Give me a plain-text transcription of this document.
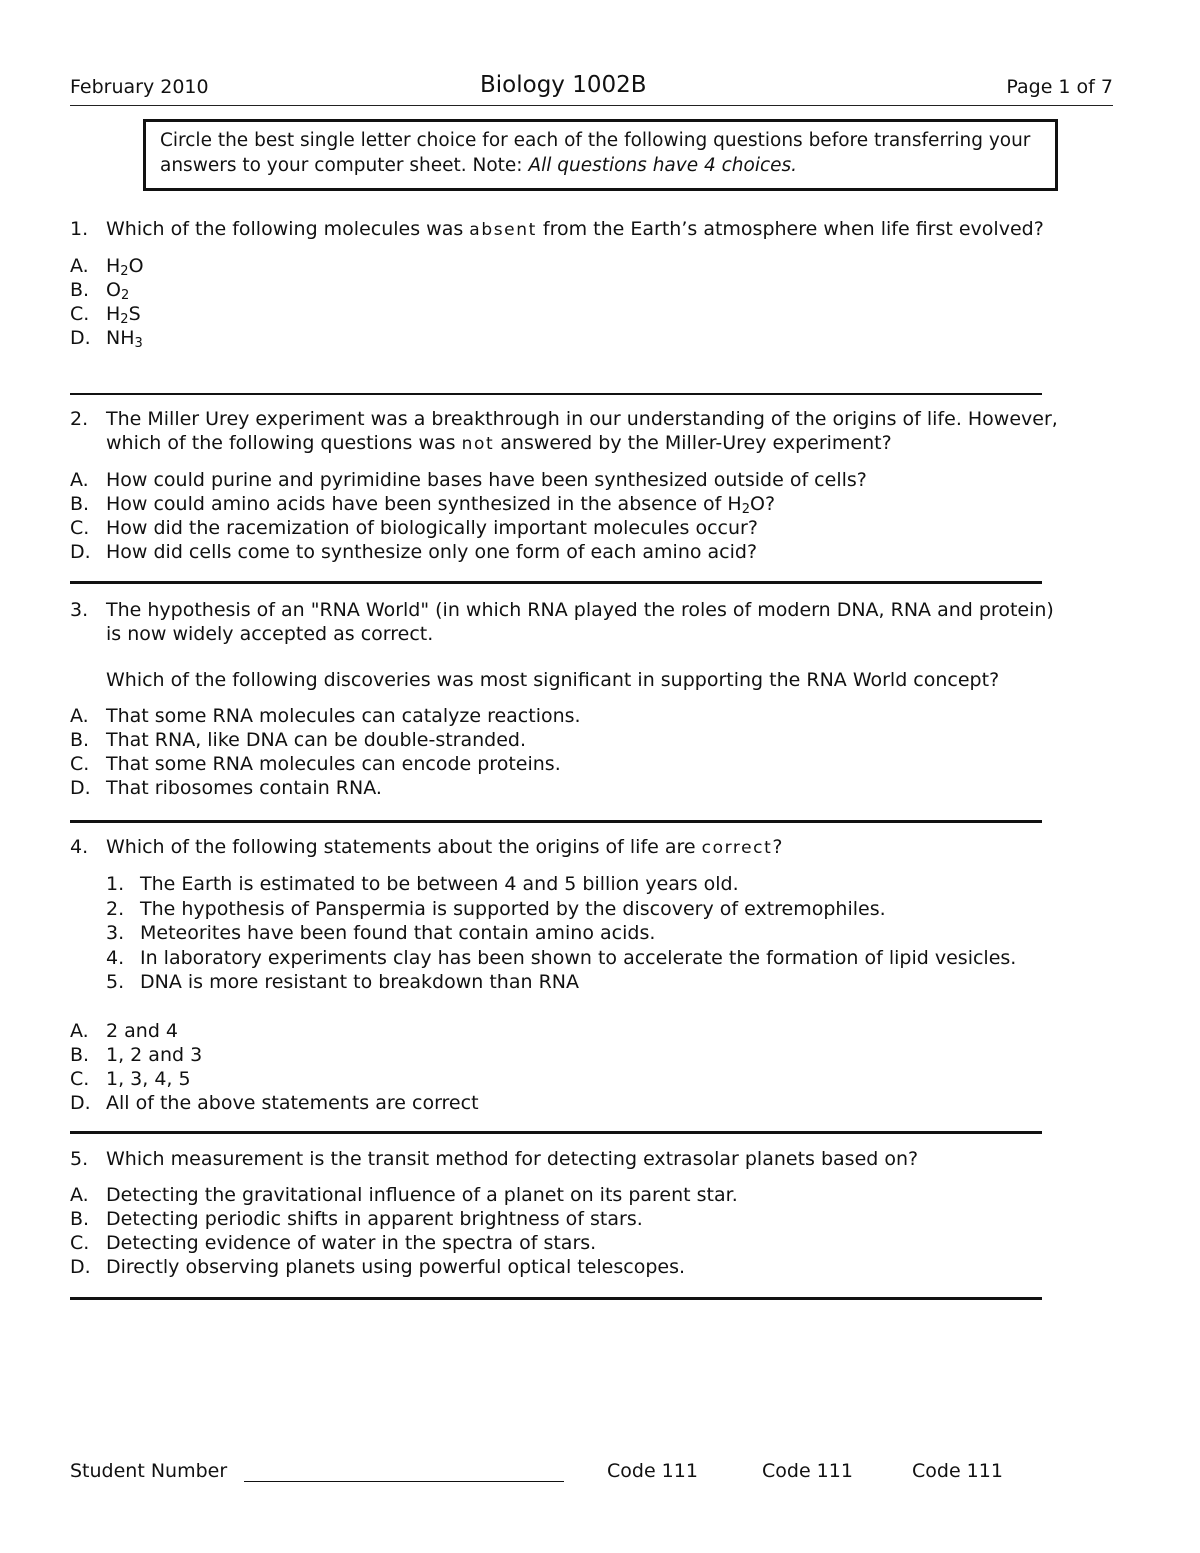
February 2010	Biology 1002B	Page 1 of 7
Circle the best single letter choice for each of the following questions before transferring your answers to your computer sheet. Note: All questions have 4 choices.
1. Which of the following molecules was absent from the Earth’s atmosphere when life first evolved?
A. $H_2O$
B. $O_2$
C. $H_2S$
D. $NH_3$
2. The Miller Urey experiment was a breakthrough in our understanding of the origins of life. However, which of the following questions was not answered by the Miller-Urey experiment?
A. How could purine and pyrimidine bases have been synthesized outside of cells?
B. How could amino acids have been synthesized in the absence of $H_2O$?
C. How did the racemization of biologically important molecules occur?
D. How did cells come to synthesize only one form of each amino acid?
3. The hypothesis of an "RNA World" (in which RNA played the roles of modern DNA, RNA and protein) is now widely accepted as correct.
Which of the following discoveries was most significant in supporting the RNA World concept?
A. That some RNA molecules can catalyze reactions.
B. That RNA, like DNA can be double-stranded.
C. That some RNA molecules can encode proteins.
D. That ribosomes contain RNA.
4. Which of the following statements about the origins of life are correct?
1. The Earth is estimated to be between 4 and 5 billion years old.
2. The hypothesis of Panspermia is supported by the discovery of extremophiles.
3. Meteorites have been found that contain amino acids.
4. In laboratory experiments clay has been shown to accelerate the formation of lipid vesicles.
5. DNA is more resistant to breakdown than RNA
A. 2 and 4
B. 1, 2 and 3
C. 1, 3, 4, 5
D. All of the above statements are correct
5. Which measurement is the transit method for detecting extrasolar planets based on?
A. Detecting the gravitational influence of a planet on its parent star.
B. Detecting periodic shifts in apparent brightness of stars.
C. Detecting evidence of water in the spectra of stars.
D. Directly observing planets using powerful optical telescopes.
Student Number	Code 111	Code 111	Code 111
